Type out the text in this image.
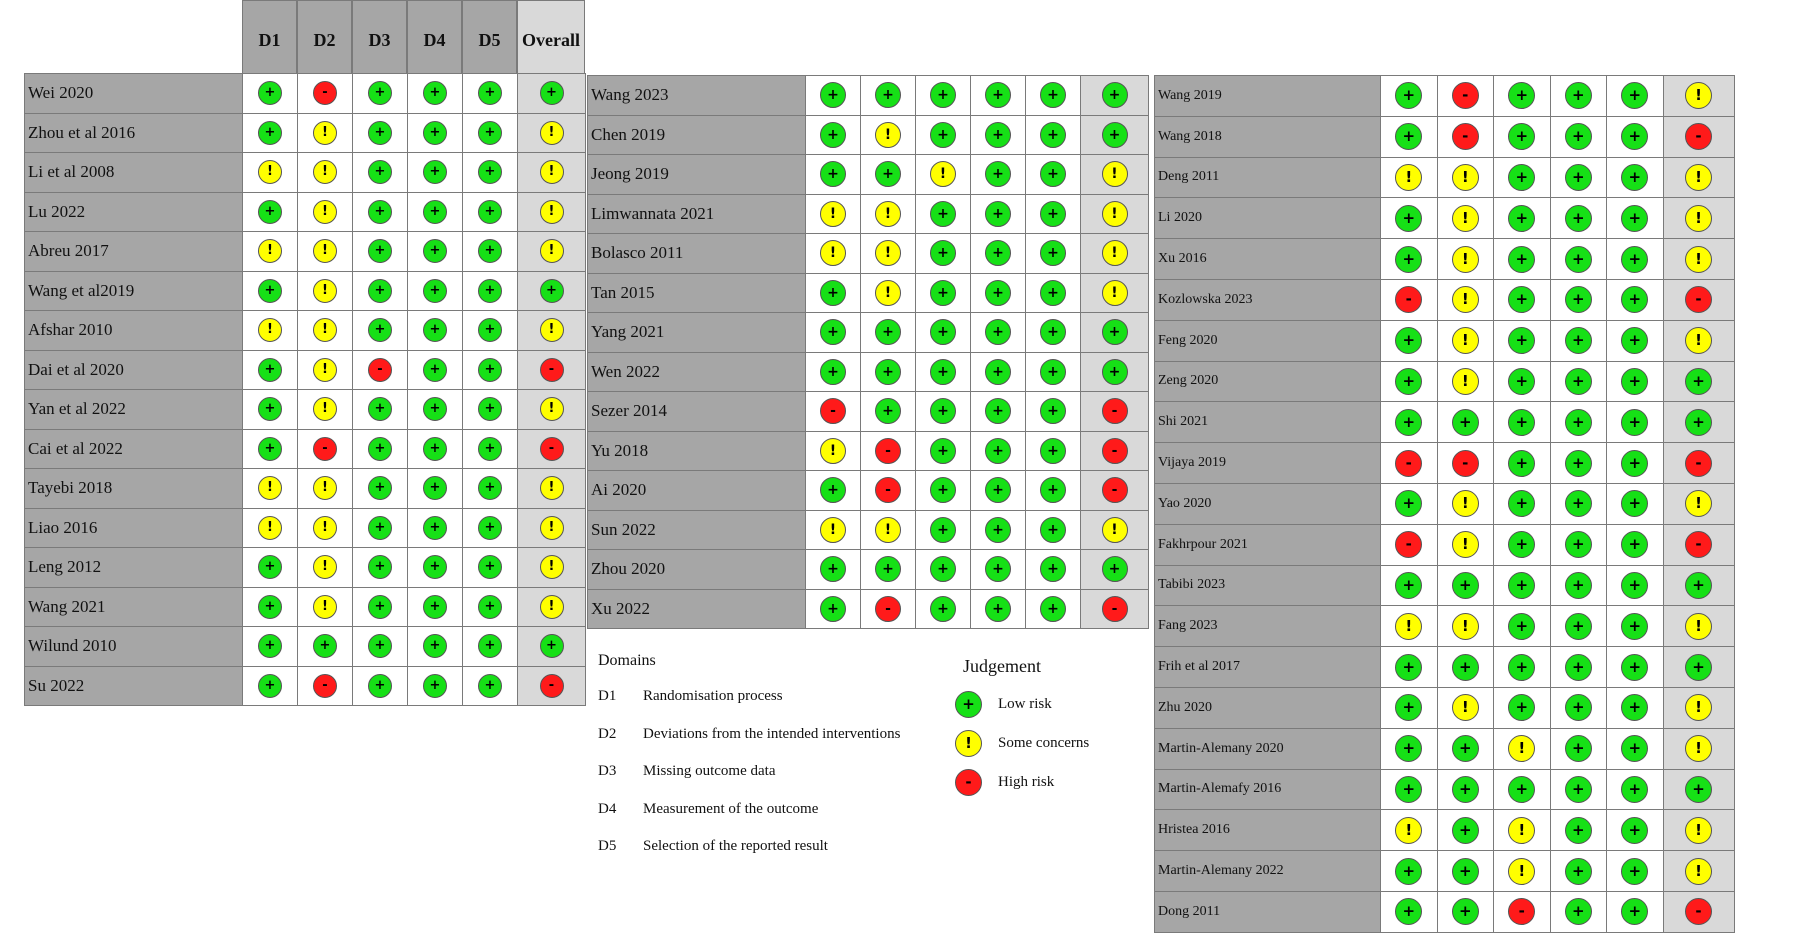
D1	D2	D3	D4	D5	Overall
Wei 2020	+	-	+	+	+	+
Zhou et al 2016	+	!	+	+	+	!
Li et al 2008	!	!	+	+	+	!
Lu 2022	+	!	+	+	+	!
Abreu 2017	!	!	+	+	+	!
Wang et al2019	+	!	+	+	+	+
Afshar 2010	!	!	+	+	+	!
Dai et al 2020	+	!	-	+	+	-
Yan et al 2022	+	!	+	+	+	!
Cai et al 2022	+	-	+	+	+	-
Tayebi 2018	!	!	+	+	+	!
Liao 2016	!	!	+	+	+	!
Leng 2012	+	!	+	+	+	!
Wang 2021	+	!	+	+	+	!
Wilund 2010	+	+	+	+	+	+
Su 2022	+	-	+	+	+	-
Wang 2023	+	+	+	+	+	+
Chen 2019	+	!	+	+	+	+
Jeong 2019	+	+	!	+	+	!
Limwannata 2021	!	!	+	+	+	!
Bolasco 2011	!	!	+	+	+	!
Tan 2015	+	!	+	+	+	!
Yang 2021	+	+	+	+	+	+
Wen 2022	+	+	+	+	+	+
Sezer 2014	-	+	+	+	+	-
Yu 2018	!	-	+	+	+	-
Ai 2020	+	-	+	+	+	-
Sun 2022	!	!	+	+	+	!
Zhou 2020	+	+	+	+	+	+
Xu 2022	+	-	+	+	+	-
Wang 2019	+	-	+	+	+	!
Wang 2018	+	-	+	+	+	-
Deng 2011	!	!	+	+	+	!
Li 2020	+	!	+	+	+	!
Xu 2016	+	!	+	+	+	!
Kozlowska 2023	-	!	+	+	+	-
Feng 2020	+	!	+	+	+	!
Zeng 2020	+	!	+	+	+	+
Shi 2021	+	+	+	+	+	+
Vijaya 2019	-	-	+	+	+	-
Yao 2020	+	!	+	+	+	!
Fakhrpour 2021	-	!	+	+	+	-
Tabibi 2023	+	+	+	+	+	+
Fang 2023	!	!	+	+	+	!
Frih et al 2017	+	+	+	+	+	+
Zhu 2020	+	!	+	+	+	!
Martin-Alemany 2020	+	+	!	+	+	!
Martin-Alemafy 2016	+	+	+	+	+	+
Hristea 2016	!	+	!	+	+	!
Martin-Alemany 2022	+	+	!	+	+	!
Dong 2011	+	+	-	+	+	-
Domains
D1	Randomisation process
D2	Deviations from the intended interventions
D3	Missing outcome data
D4	Measurement of the outcome
D5	Selection of the reported result
Judgement
+	Low risk
!	Some concerns
-	High risk
